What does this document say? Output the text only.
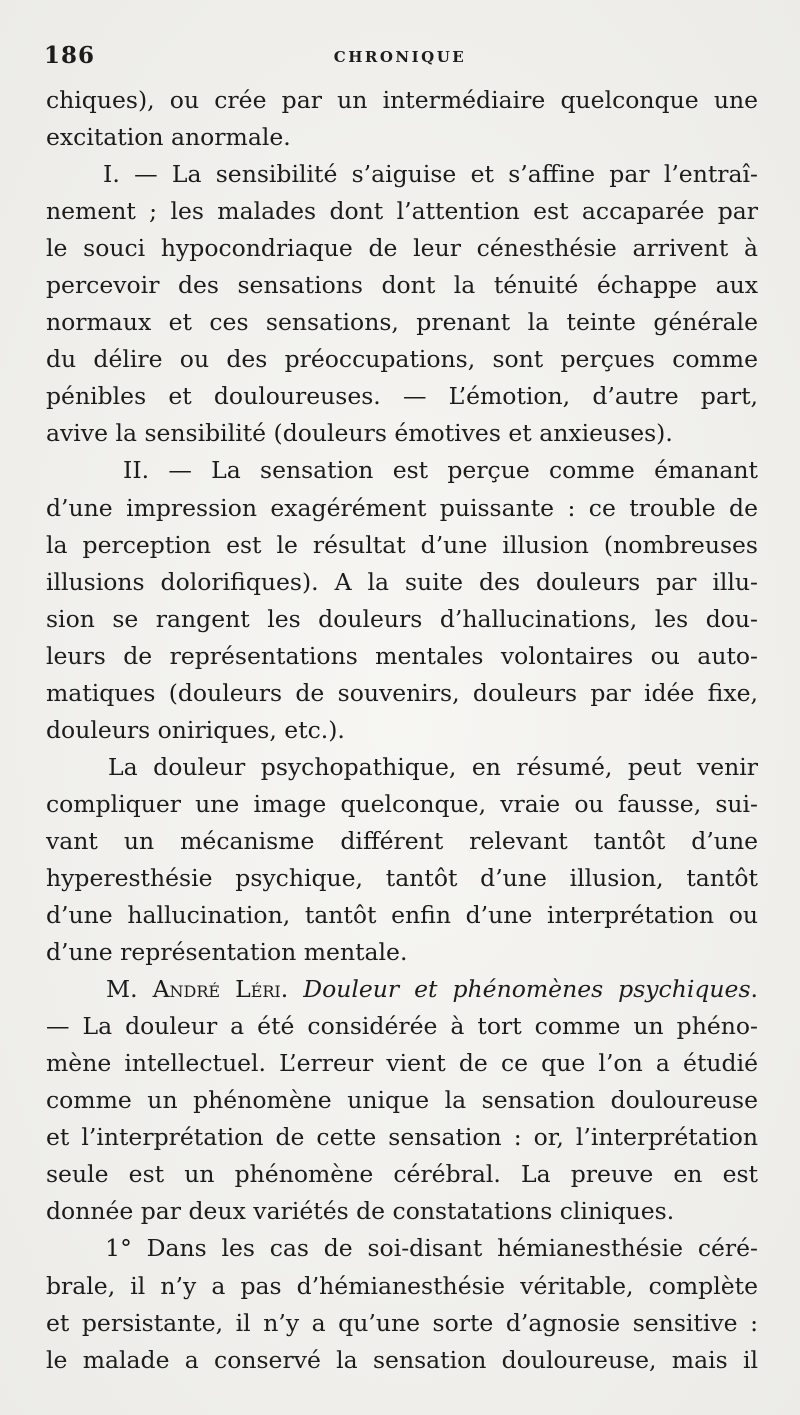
186	CHRONIQUE
chiques), ou crée par un intermédiaire quelconque une
excitation anormale.
I. — La sensibilité s’aiguise et s’affine par l’entraî-
nement ; les malades dont l’attention est accaparée par
le souci hypocondriaque de leur cénesthésie arrivent à
percevoir des sensations dont la ténuité échappe aux
normaux et ces sensations, prenant la teinte générale
du délire ou des préoccupations, sont perçues comme
pénibles et douloureuses. — L’émotion, d’autre part,
avive la sensibilité (douleurs émotives et anxieuses).
II. — La sensation est perçue comme émanant
d’une impression exagérément puissante : ce trouble de
la perception est le résultat d’une illusion (nombreuses
illusions dolorifiques). A la suite des douleurs par illu-
sion se rangent les douleurs d’hallucinations, les dou-
leurs de représentations mentales volontaires ou auto-
matiques (douleurs de souvenirs, douleurs par idée fixe,
douleurs oniriques, etc.).
La douleur psychopathique, en résumé, peut venir
compliquer une image quelconque, vraie ou fausse, sui-
vant un mécanisme différent relevant tantôt d’une
hyperesthésie psychique, tantôt d’une illusion, tantôt
d’une hallucination, tantôt enfin d’une interprétation ou
d’une représentation mentale.
M. André Léri. Douleur et phénomènes psychiques.
— La douleur a été considérée à tort comme un phéno-
mène intellectuel. L’erreur vient de ce que l’on a étudié
comme un phénomène unique la sensation douloureuse
et l’interprétation de cette sensation : or, l’interprétation
seule est un phénomène cérébral. La preuve en est
donnée par deux variétés de constatations cliniques.
1° Dans les cas de soi-disant hémianesthésie céré-
brale, il n’y a pas d’hémianesthésie véritable, complète
et persistante, il n’y a qu’une sorte d’agnosie sensitive :
le malade a conservé la sensation douloureuse, mais il
